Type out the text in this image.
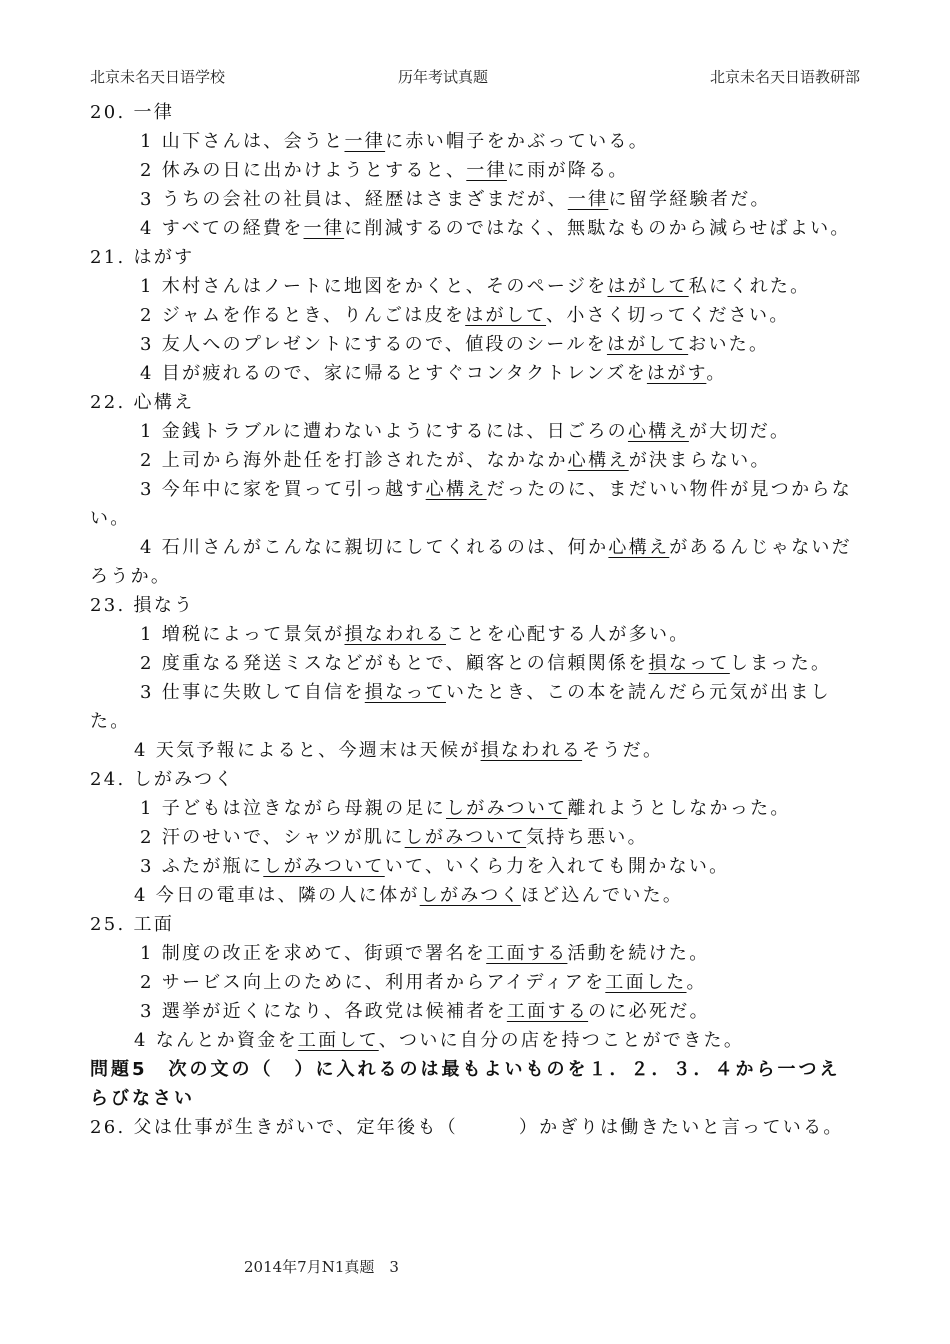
北京未名天日语学校	历年考试真题	北京未名天日语教研部
20. 一律
1 山下さんは、会うと一律に赤い帽子をかぶっている。
2 休みの日に出かけようとすると、一律に雨が降る。
3 うちの会社の社員は、経歴はさまざまだが、一律に留学経験者だ。
4 すべての経費を一律に削減するのではなく、無駄なものから減らせばよい。
21. はがす
1 木村さんはノートに地図をかくと、そのページをはがして私にくれた。
2 ジャムを作るとき、りんごは皮をはがして、小さく切ってください。
3 友人へのプレゼントにするので、値段のシールをはがしておいた。
4 目が疲れるので、家に帰るとすぐコンタクトレンズをはがす。
22. 心構え
1 金銭トラブルに遭わないようにするには、日ごろの心構えが大切だ。
2 上司から海外赴任を打診されたが、なかなか心構えが決まらない。
3 今年中に家を買って引っ越す心構えだったのに、まだいい物件が見つからない。
4 石川さんがこんなに親切にしてくれるのは、何か心構えがあるんじゃないだろうか。
23. 損なう
1 増税によって景気が損なわれることを心配する人が多い。
2 度重なる発送ミスなどがもとで、顧客との信頼関係を損なってしまった。
3 仕事に失敗して自信を損なっていたとき、この本を読んだら元気が出ました。
4 天気予報によると、今週末は天候が損なわれるそうだ。
24. しがみつく
1 子どもは泣きながら母親の足にしがみついて離れようとしなかった。
2 汗のせいで、シャツが肌にしがみついて気持ち悪い。
3 ふたが瓶にしがみついていて、いくら力を入れても開かない。
4 今日の電車は、隣の人に体がしがみつくほど込んでいた。
25. 工面
1 制度の改正を求めて、街頭で署名を工面する活動を続けた。
2 サービス向上のために、利用者からアイディアを工面した。
3 選挙が近くになり、各政党は候補者を工面するのに必死だ。
4 なんとか資金を工面して、ついに自分の店を持つことができた。
問題5　次の文の（　）に入れるのは最もよいものを１．２．３．４から一つえらびなさい
26. 父は仕事が生きがいで、定年後も（　　　）かぎりは働きたいと言っている。
2014年7月N1真题　3
